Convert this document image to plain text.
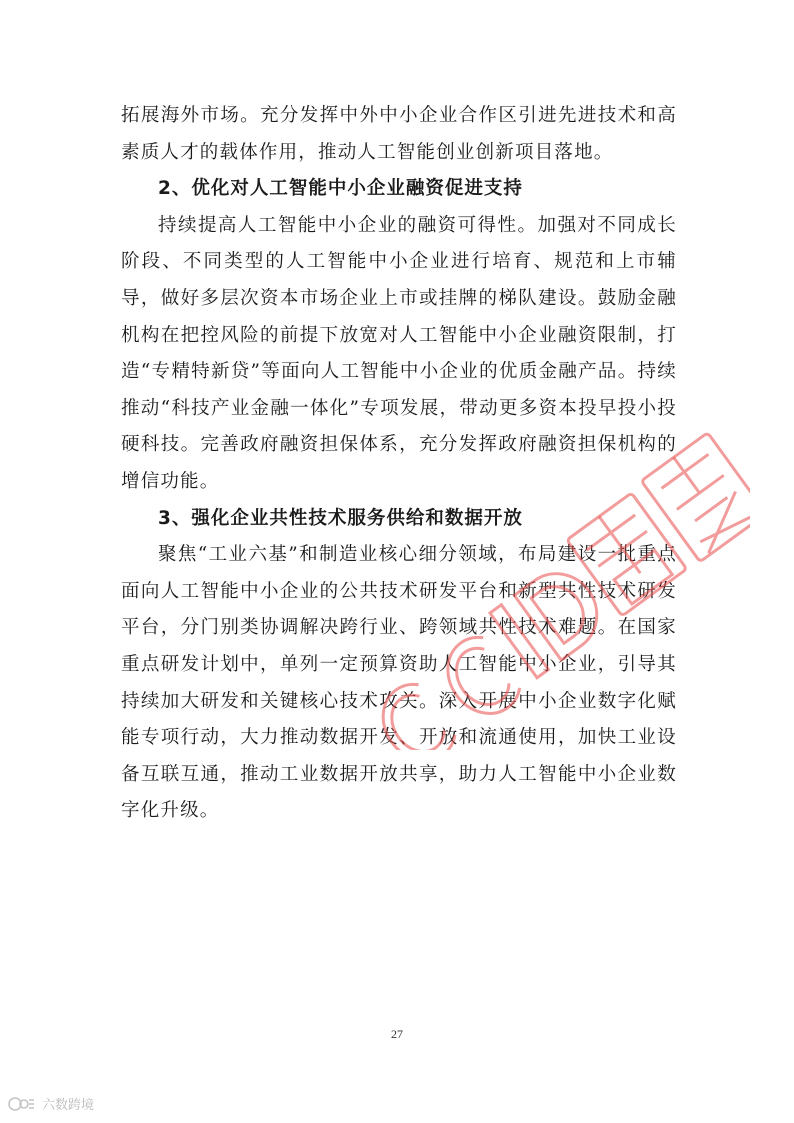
拓展海外市场。充分发挥中外中小企业合作区引进先进技术和高素质人才的载体作用，推动人工智能创业创新项目落地。

2、优化对人工智能中小企业融资促进支持

持续提高人工智能中小企业的融资可得性。加强对不同成长阶段、不同类型的人工智能中小企业进行培育、规范和上市辅导，做好多层次资本市场企业上市或挂牌的梯队建设。鼓励金融机构在把控风险的前提下放宽对人工智能中小企业融资限制，打造“专精特新贷”等面向人工智能中小企业的优质金融产品。持续推动“科技产业金融一体化”专项发展，带动更多资本投早投小投硬科技。完善政府融资担保体系，充分发挥政府融资担保机构的增信功能。

3、强化企业共性技术服务供给和数据开放

聚焦“工业六基”和制造业核心细分领域，布局建设一批重点面向人工智能中小企业的公共技术研发平台和新型共性技术研发平台，分门别类协调解决跨行业、跨领域共性技术难题。在国家重点研发计划中，单列一定预算资助人工智能中小企业，引导其持续加大研发和关键核心技术攻关。深入开展中小企业数字化赋能专项行动，大力推动数据开发、开放和流通使用，加快工业设备互联互通，推动工业数据开放共享，助力人工智能中小企业数字化升级。

27
六数跨境
